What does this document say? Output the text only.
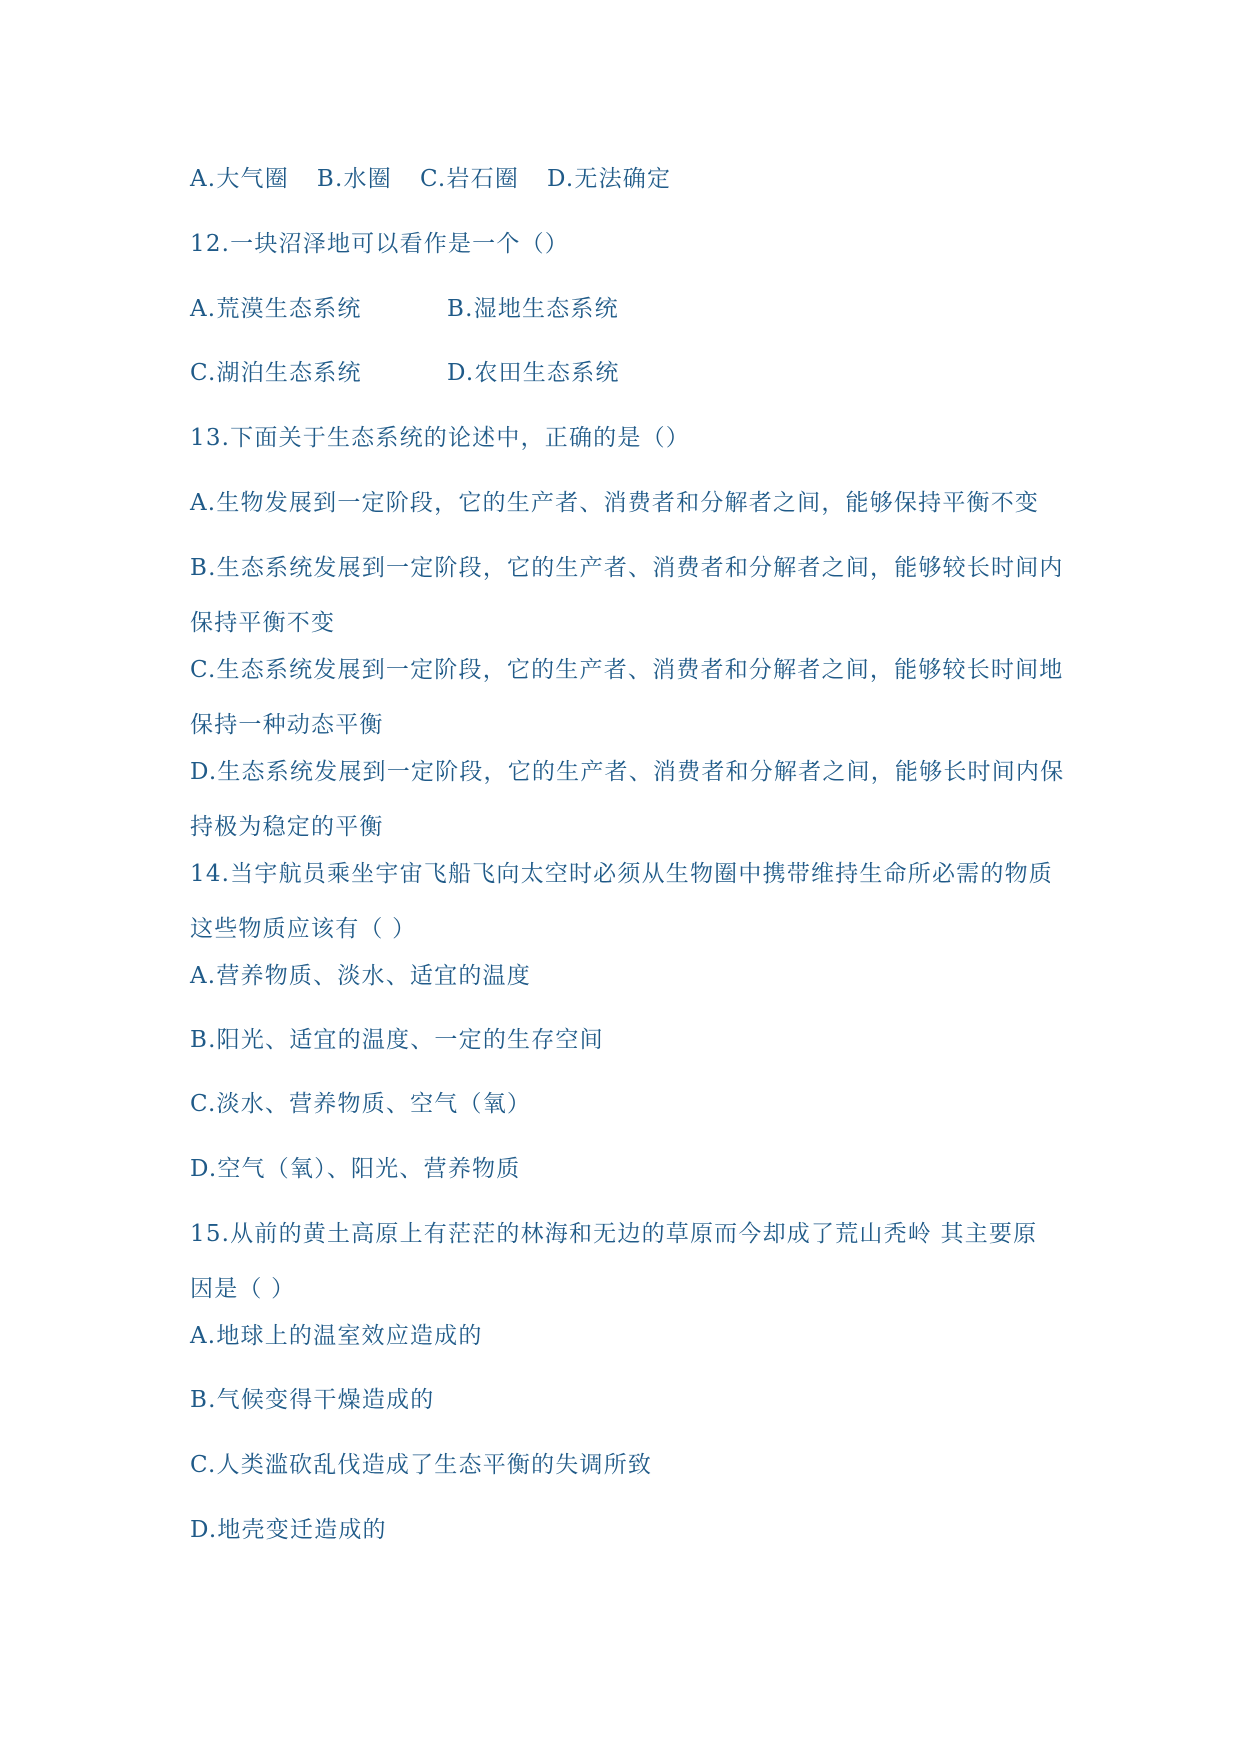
A.大气圈 B.水圈 C.岩石圈 D.无法确定
12.一块沼泽地可以看作是一个（）
A.荒漠生态系统	B.湿地生态系统
C.湖泊生态系统	D.农田生态系统
13.下面关于生态系统的论述中，正确的是（）
A.生物发展到一定阶段，它的生产者、消费者和分解者之间，能够保持平衡不变
B.生态系统发展到一定阶段，它的生产者、消费者和分解者之间，能够较长时间内
保持平衡不变
C.生态系统发展到一定阶段，它的生产者、消费者和分解者之间，能够较长时间地
保持一种动态平衡
D.生态系统发展到一定阶段，它的生产者、消费者和分解者之间，能够长时间内保
持极为稳定的平衡
14.当宇航员乘坐宇宙飞船飞向太空时必须从生物圈中携带维持生命所必需的物质
这些物质应该有（ ）
A.营养物质、淡水、适宜的温度
B.阳光、适宜的温度、一定的生存空间
C.淡水、营养物质、空气（氧）
D.空气（氧）、阳光、营养物质
15.从前的黄土高原上有茫茫的林海和无边的草原而今却成了荒山秃岭 其主要原
因是（ ）
A.地球上的温室效应造成的
B.气候变得干燥造成的
C.人类滥砍乱伐造成了生态平衡的失调所致
D.地壳变迁造成的
